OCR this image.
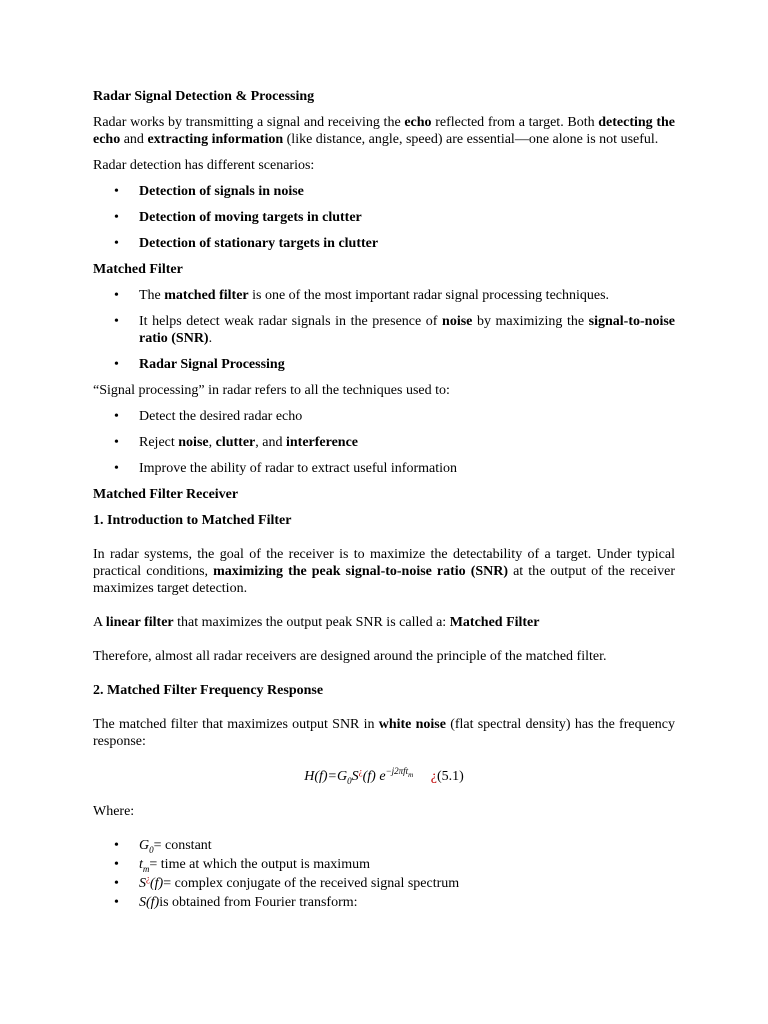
Radar Signal Detection & Processing

Radar works by transmitting a signal and receiving the echo reflected from a target. Both detecting the echo and extracting information (like distance, angle, speed) are essential—one alone is not useful.

Radar detection has different scenarios:

• Detection of signals in noise
• Detection of moving targets in clutter
• Detection of stationary targets in clutter
Matched Filter
• The matched filter is one of the most important radar signal processing techniques.
• It helps detect weak radar signals in the presence of noise by maximizing the signal-to-noise ratio (SNR).
• Radar Signal Processing

“Signal processing” in radar refers to all the techniques used to:

• Detect the desired radar echo
• Reject noise, clutter, and interference
• Improve the ability of radar to extract useful information
Matched Filter Receiver
1. Introduction to Matched Filter

In radar systems, the goal of the receiver is to maximize the detectability of a target. Under typical practical conditions, maximizing the peak signal-to-noise ratio (SNR) at the output of the receiver maximizes target detection.

A linear filter that maximizes the output peak SNR is called a: Matched Filter

Therefore, almost all radar receivers are designed around the principle of the matched filter.

2. Matched Filter Frequency Response

The matched filter that maximizes output SNR in white noise (flat spectral density) has the frequency response:

$H(f)=G_0S^¿(f)$ $e^{-j2\pi ft_m}$ ¿(5.1)

Where:

• $G_0=$ constant
• $t_m=$ time at which the output is maximum
• S¿(f)= complex conjugate of the received signal spectrum
• S(f)is obtained from Fourier transform:
